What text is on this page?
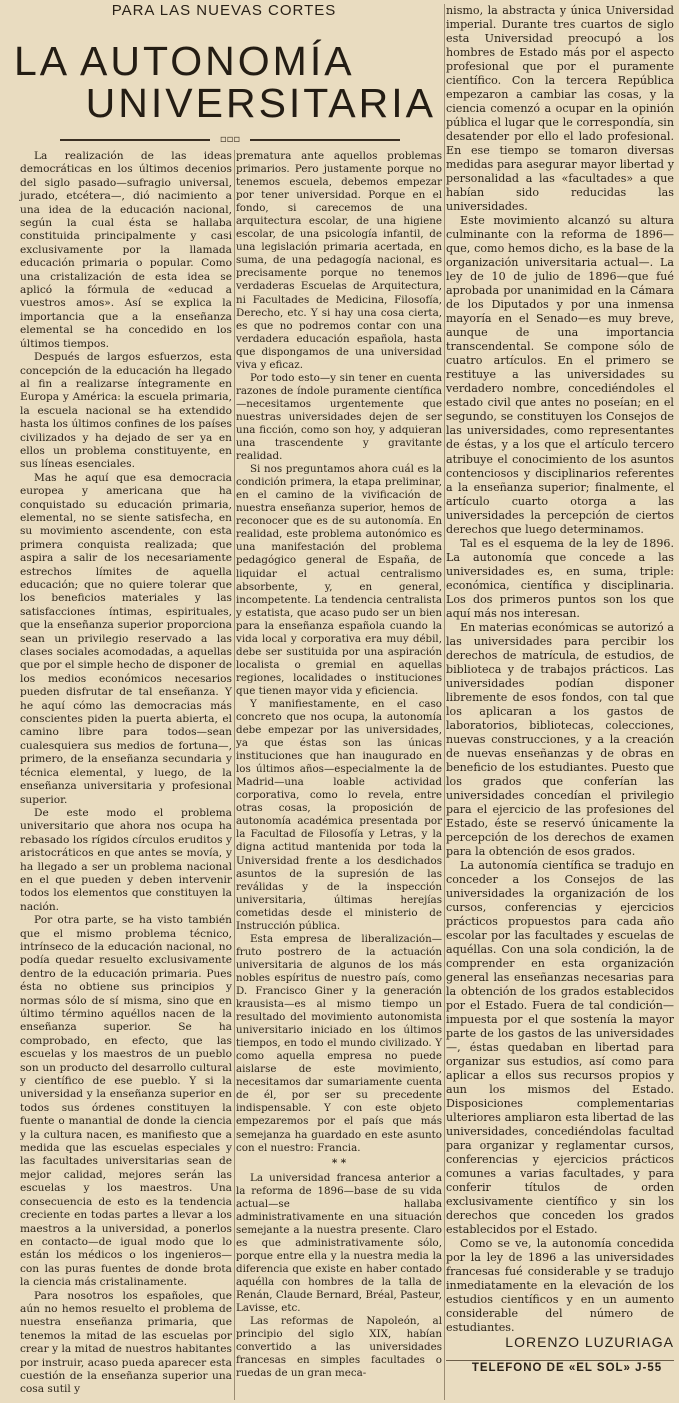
PARA LAS NUEVAS CORTES
LA AUTONOMÍA
UNIVERSITARIA
▫▫▫

La realización de las ideas democráticas en los últimos decenios del siglo pasado—sufragio universal, jurado, etcétera—, dió nacimiento a una idea de la educación nacional, según la cual ésta se hallaba constituida principalmente y casi exclusivamente por la llamada educación primaria o popular. Como una cristalización de esta idea se aplicó la fórmula de «educad a vuestros amos». Así se explica la importancia que a la enseñanza elemental se ha concedido en los últimos tiempos.

Después de largos esfuerzos, esta concepción de la educación ha llegado al fin a realizarse íntegramente en Europa y América: la escuela primaria, la escuela nacional se ha extendido hasta los últimos confines de los países civilizados y ha dejado de ser ya en ellos un problema constituyente, en sus líneas esenciales.

Mas he aquí que esa democracia europea y americana que ha conquistado su educación primaria, elemental, no se siente satisfecha, en su movimiento ascendente, con esta primera conquista realizada; que aspira a salir de los necesariamente estrechos límites de aquella educación; que no quiere tolerar que los beneficios materiales y las satisfacciones íntimas, espirituales, que la enseñanza superior proporciona sean un privilegio reservado a las clases sociales acomodadas, a aquellas que por el simple hecho de disponer de los medios económicos necesarios pueden disfrutar de tal enseñanza. Y he aquí cómo las democracias más conscientes piden la puerta abierta, el camino libre para todos—sean cualesquiera sus medios de fortuna—, primero, de la enseñanza secundaria y técnica elemental, y luego, de la enseñanza universitaria y profesional superior.

De este modo el problema universitario que ahora nos ocupa ha rebasado los rígidos círculos eruditos y aristocráticos en que antes se movía, y ha llegado a ser un problema nacional en el que pueden y deben intervenir todos los elementos que constituyen la nación.

Por otra parte, se ha visto también que el mismo problema técnico, intrínseco de la educación nacional, no podía quedar resuelto exclusivamente dentro de la educación primaria. Pues ésta no obtiene sus principios y normas sólo de sí misma, sino que en último término aquéllos nacen de la enseñanza superior. Se ha comprobado, en efecto, que las escuelas y los maestros de un pueblo son un producto del desarrollo cultural y científico de ese pueblo. Y si la universidad y la enseñanza superior en todos sus órdenes constituyen la fuente o manantial de donde la ciencia y la cultura nacen, es manifiesto que a medida que las escuelas especiales y las facultades universitarias sean de mejor calidad, mejores serán las escuelas y los maestros. Una consecuencia de esto es la tendencia creciente en todas partes a llevar a los maestros a la universidad, a ponerlos en contacto—de igual modo que lo están los médicos o los ingenieros—con las puras fuentes de donde brota la ciencia más cristalinamente.

Para nosotros los españoles, que aún no hemos resuelto el problema de nuestra enseñanza primaria, que tenemos la mitad de las escuelas por crear y la mitad de nuestros habitantes por instruir, acaso pueda aparecer esta cuestión de la enseñanza superior una cosa sutil y

prematura ante aquellos problemas primarios. Pero justamente porque no tenemos escuela, debemos empezar por tener universidad. Porque en el fondo, si carecemos de una arquitectura escolar, de una higiene escolar, de una psicología infantil, de una legislación primaria acertada, en suma, de una pedagogía nacional, es precisamente porque no tenemos verdaderas Escuelas de Arquitectura, ni Facultades de Medicina, Filosofía, Derecho, etc. Y si hay una cosa cierta, es que no podremos contar con una verdadera educación española, hasta que dispongamos de una universidad viva y eficaz.

Por todo esto—y sin tener en cuenta razones de índole puramente científica—necesitamos urgentemente que nuestras universidades dejen de ser una ficción, como son hoy, y adquieran una trascendente y gravitante realidad.

Si nos preguntamos ahora cuál es la condición primera, la etapa preliminar, en el camino de la vivificación de nuestra enseñanza superior, hemos de reconocer que es de su autonomía. En realidad, este problema autonómico es una manifestación del problema pedagógico general de España, de liquidar el actual centralismo absorbente, y, en general, incompetente. La tendencia centralista y estatista, que acaso pudo ser un bien para la enseñanza española cuando la vida local y corporativa era muy débil, debe ser sustituida por una aspiración localista o gremial en aquellas regiones, localidades o instituciones que tienen mayor vida y eficiencia.

Y manifiestamente, en el caso concreto que nos ocupa, la autonomía debe empezar por las universidades, ya que éstas son las únicas instituciones que han inaugurado en los últimos años—especialmente la de Madrid—una loable actividad corporativa, como lo revela, entre otras cosas, la proposición de autonomía académica presentada por la Facultad de Filosofía y Letras, y la digna actitud mantenida por toda la Universidad frente a los desdichados asuntos de la supresión de las reválidas y de la inspección universitaria, últimas herejías cometidas desde el ministerio de Instrucción pública.

Esta empresa de liberalización—fruto postrero de la actuación universitaria de algunos de los más nobles espíritus de nuestro país, como D. Francisco Giner y la generación krausista—es al mismo tiempo un resultado del movimiento autonomista universitario iniciado en los últimos tiempos, en todo el mundo civilizado. Y como aquella empresa no puede aislarse de este movimiento, necesitamos dar sumariamente cuenta de él, por ser su precedente indispensable. Y con este objeto empezaremos por el país que más semejanza ha guardado en este asunto con el nuestro: Francia.

* *

La universidad francesa anterior a la reforma de 1896—base de su vida actual—se hallaba administrativamente en una situación semejante a la nuestra presente. Claro es que administrativamente sólo, porque entre ella y la nuestra media la diferencia que existe en haber contado aquélla con hombres de la talla de Renán, Claude Bernard, Bréal, Pasteur, Lavisse, etc.

Las reformas de Napoleón, al principio del siglo XIX, habían convertido a las universidades francesas en simples facultades o ruedas de un gran meca-

nismo, la abstracta y única Universidad imperial. Durante tres cuartos de siglo esta Universidad preocupó a los hombres de Estado más por el aspecto profesional que por el puramente científico. Con la tercera República empezaron a cambiar las cosas, y la ciencia comenzó a ocupar en la opinión pública el lugar que le correspondía, sin desatender por ello el lado profesional. En ese tiempo se tomaron diversas medidas para asegurar mayor libertad y personalidad a las «facultades» a que habían sido reducidas las universidades.

Este movimiento alcanzó su altura culminante con la reforma de 1896—que, como hemos dicho, es la base de la organización universitaria actual—. La ley de 10 de julio de 1896—que fué aprobada por unanimidad en la Cámara de los Diputados y por una inmensa mayoría en el Senado—es muy breve, aunque de una importancia transcendental. Se compone sólo de cuatro artículos. En el primero se restituye a las universidades su verdadero nombre, concediéndoles el estado civil que antes no poseían; en el segundo, se constituyen los Consejos de las universidades, como representantes de éstas, y a los que el artículo tercero atribuye el conocimiento de los asuntos contenciosos y disciplinarios referentes a la enseñanza superior; finalmente, el artículo cuarto otorga a las universidades la percepción de ciertos derechos que luego determinamos.

Tal es el esquema de la ley de 1896. La autonomía que concede a las universidades es, en suma, triple: económica, científica y disciplinaria. Los dos primeros puntos son los que aquí más nos interesan.

En materias económicas se autorizó a las universidades para percibir los derechos de matrícula, de estudios, de biblioteca y de trabajos prácticos. Las universidades podían disponer libremente de esos fondos, con tal que los aplicaran a los gastos de laboratorios, bibliotecas, colecciones, nuevas construcciones, y a la creación de nuevas enseñanzas y de obras en beneficio de los estudiantes. Puesto que los grados que conferían las universidades concedían el privilegio para el ejercicio de las profesiones del Estado, éste se reservó únicamente la percepción de los derechos de examen para la obtención de esos grados.

La autonomía científica se tradujo en conceder a los Consejos de las universidades la organización de los cursos, conferencias y ejercicios prácticos propuestos para cada año escolar por las facultades y escuelas de aquéllas. Con una sola condición, la de comprender en esta organización general las enseñanzas necesarias para la obtención de los grados establecidos por el Estado. Fuera de tal condición—impuesta por el que sostenía la mayor parte de los gastos de las universidades—, éstas quedaban en libertad para organizar sus estudios, así como para aplicar a ellos sus recursos propios y aun los mismos del Estado. Disposiciones complementarias ulteriores ampliaron esta libertad de las universidades, concediéndolas facultad para organizar y reglamentar cursos, conferencias y ejercicios prácticos comunes a varias facultades, y para conferir títulos de orden exclusivamente científico y sin los derechos que conceden los grados establecidos por el Estado.

Como se ve, la autonomía concedida por la ley de 1896 a las universidades francesas fué considerable y se tradujo inmediatamente en la elevación de los estudios científicos y en un aumento considerable del número de estudiantes.

LORENZO LUZURIAGA

TELEFONO DE «EL SOL» J-55
